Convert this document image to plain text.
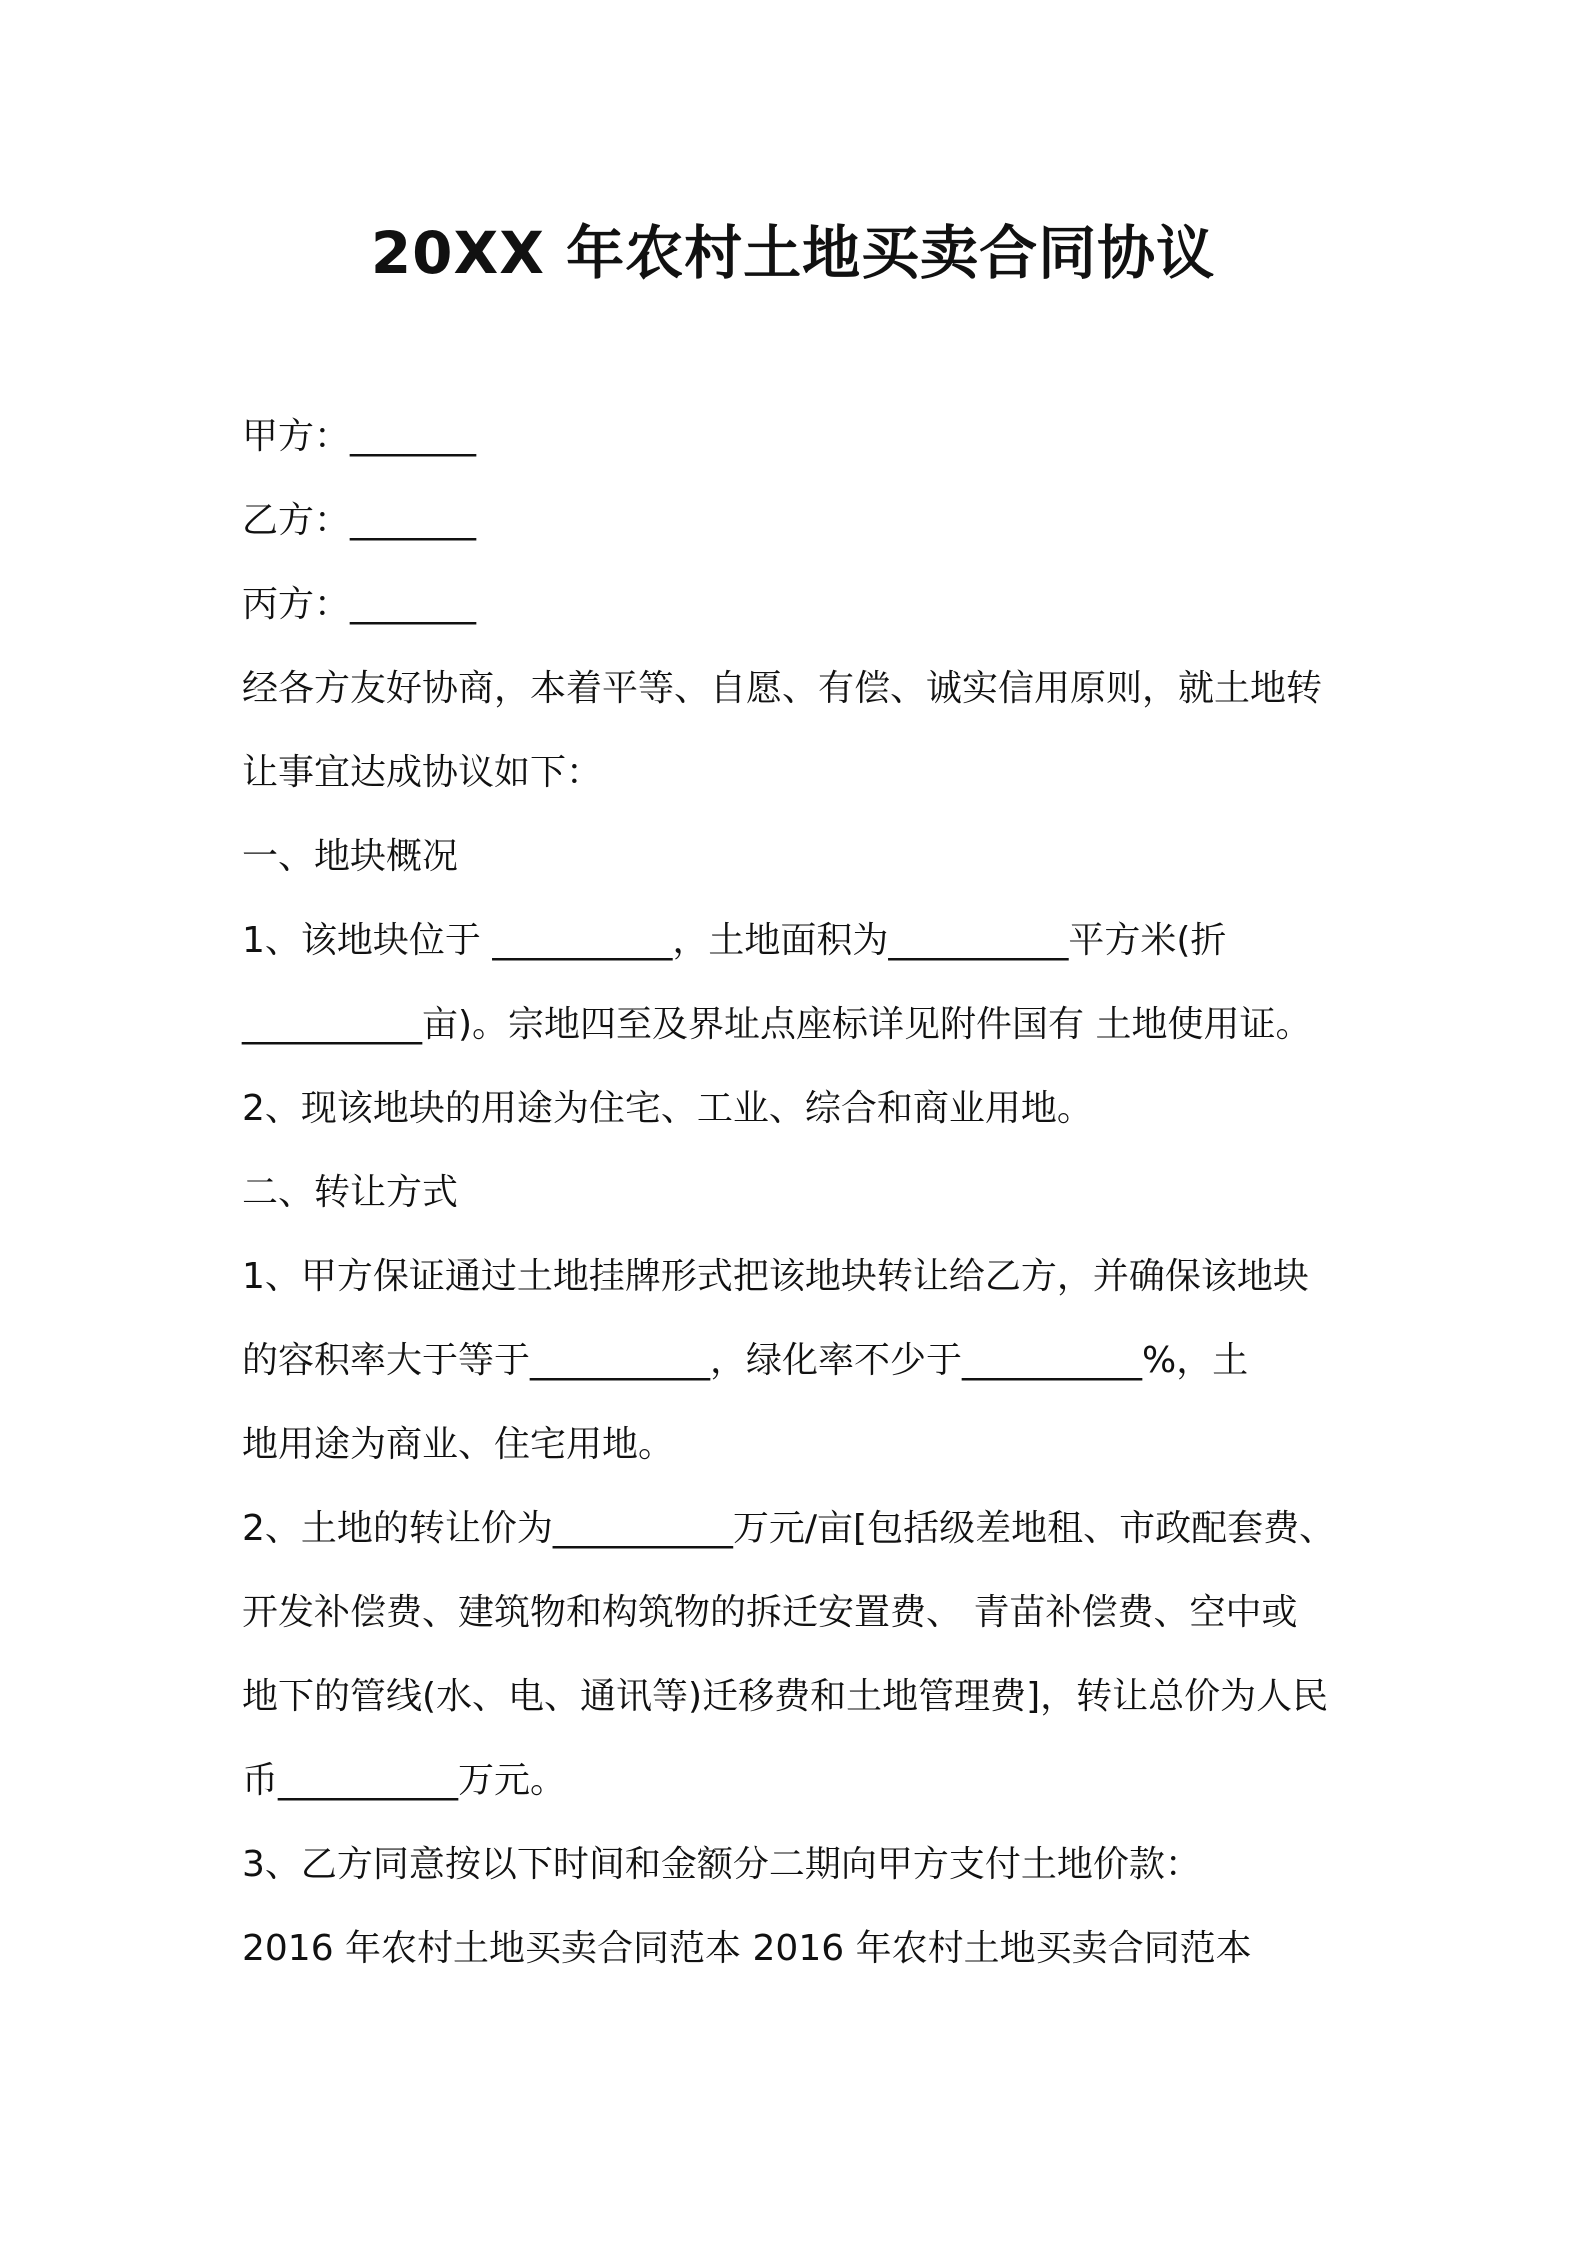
20XX 年农村土地买卖合同协议

甲方：_______

乙方：_______

丙方：_______

经各方友好协商，本着平等、自愿、有偿、诚实信用原则，就土地转

让事宜达成协议如下：

一、地块概况

1、该地块位于 __________，土地面积为__________平方米(折

__________亩)。宗地四至及界址点座标详见附件国有 土地使用证。

2、现该地块的用途为住宅、工业、综合和商业用地。

二、转让方式

1、甲方保证通过土地挂牌形式把该地块转让给乙方，并确保该地块

的容积率大于等于__________，绿化率不少于__________%，土

地用途为商业、住宅用地。

2、土地的转让价为__________万元/亩[包括级差地租、市政配套费、

开发补偿费、建筑物和构筑物的拆迁安置费、 青苗补偿费、空中或

地下的管线(水、电、通讯等)迁移费和土地管理费]，转让总价为人民

币__________万元。

3、乙方同意按以下时间和金额分二期向甲方支付土地价款：

2016 年农村土地买卖合同范本 2016 年农村土地买卖合同范本
